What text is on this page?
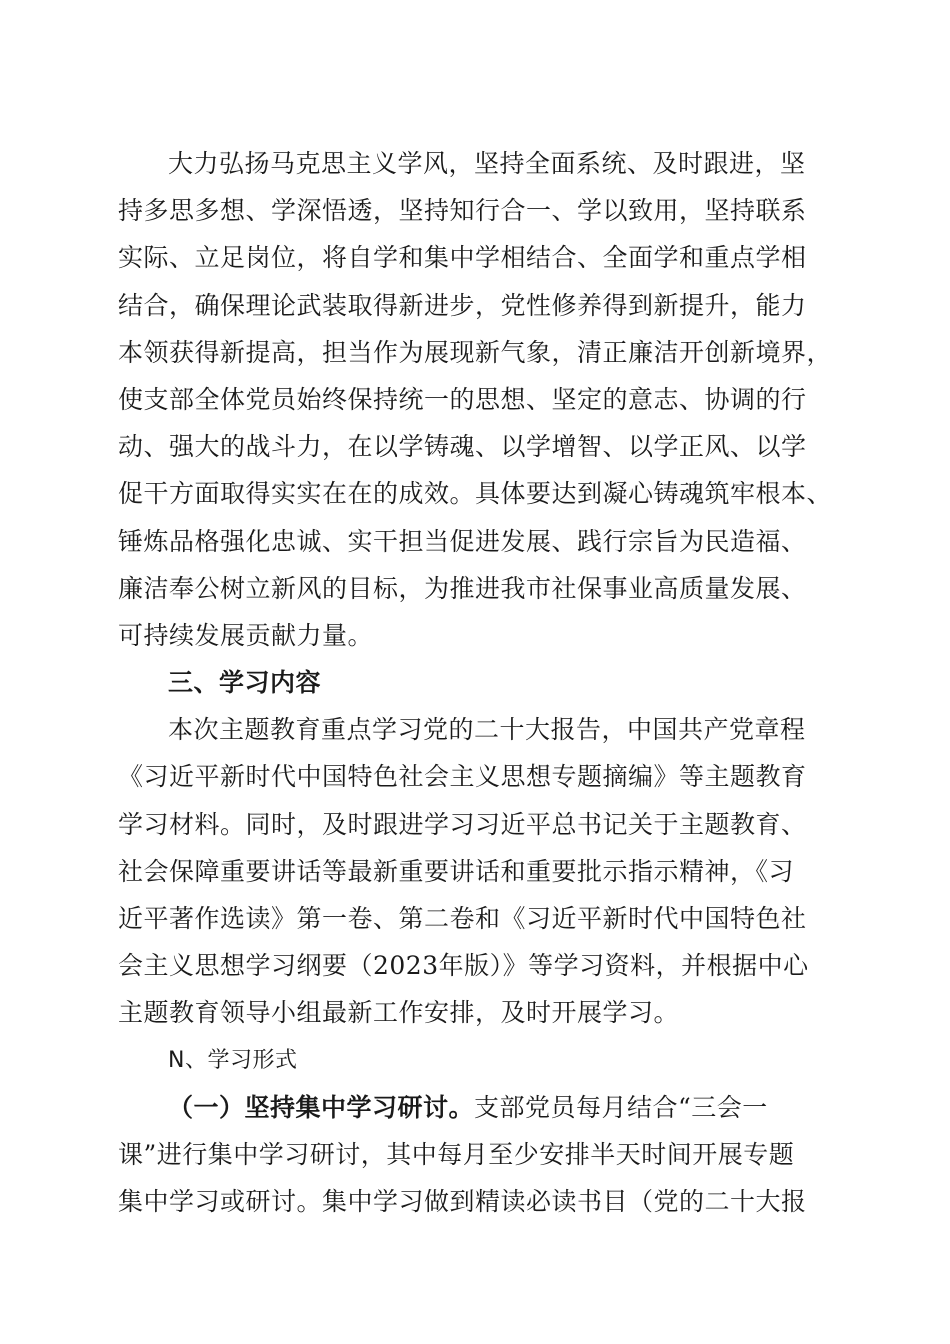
大力弘扬马克思主义学风，坚持全面系统、及时跟进，坚
持多思多想、学深悟透，坚持知行合一、学以致用，坚持联系
实际、立足岗位，将自学和集中学相结合、全面学和重点学相
结合，确保理论武装取得新进步，党性修养得到新提升，能力
本领获得新提高，担当作为展现新气象，清正廉洁开创新境界，
使支部全体党员始终保持统一的思想、坚定的意志、协调的行
动、强大的战斗力，在以学铸魂、以学增智、以学正风、以学
促干方面取得实实在在的成效。具体要达到凝心铸魂筑牢根本、
锤炼品格强化忠诚、实干担当促进发展、践行宗旨为民造福、
廉洁奉公树立新风的目标，为推进我市社保事业高质量发展、
可持续发展贡献力量。
三、学习内容
本次主题教育重点学习党的二十大报告，中国共产党章程
《习近平新时代中国特色社会主义思想专题摘编》等主题教育
学习材料。同时，及时跟进学习习近平总书记关于主题教育、
社会保障重要讲话等最新重要讲话和重要批示指示精神，《习
近平著作选读》第一卷、第二卷和《习近平新时代中国特色社
会主义思想学习纲要（2023年版）》等学习资料，并根据中心
主题教育领导小组最新工作安排，及时开展学习。
N、学习形式
（一）坚持集中学习研讨。支部党员每月结合“三会一
课”进行集中学习研讨，其中每月至少安排半天时间开展专题
集中学习或研讨。集中学习做到精读必读书目（党的二十大报
